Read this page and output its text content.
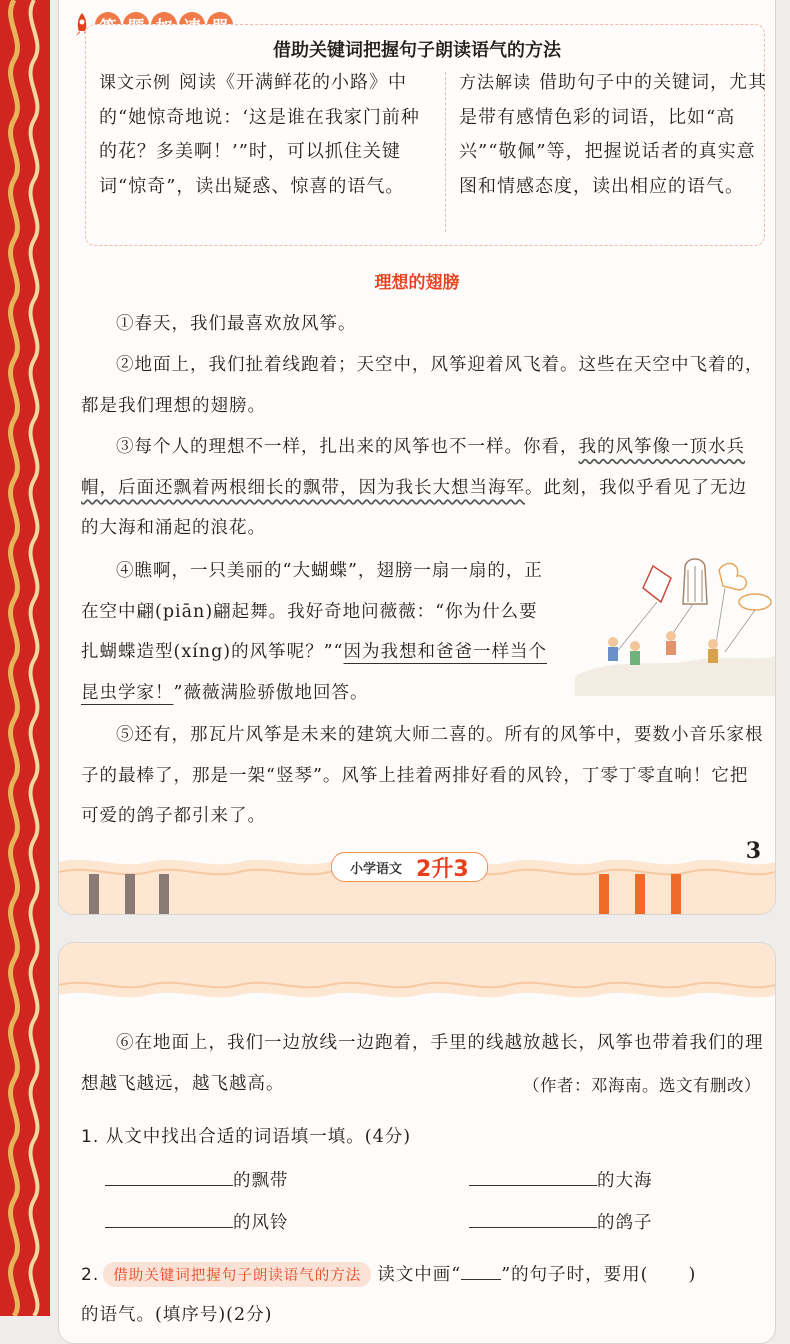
借助关键词把握句子朗读语气的方法
课文示例 阅读《开满鲜花的小路》中的“她惊奇地说：‘这是谁在我家门前种的花？多美啊！’”时，可以抓住关键词“惊奇”，读出疑惑、惊喜的语气。
方法解读 借助句子中的关键词，尤其是带有感情色彩的词语，比如“高兴”“敬佩”等，把握说话者的真实意图和情感态度，读出相应的语气。
理想的翅膀
①春天，我们最喜欢放风筝。
②地面上，我们扯着线跑着；天空中，风筝迎着风飞着。这些在天空中飞着的，都是我们理想的翅膀。
③每个人的理想不一样，扎出来的风筝也不一样。你看，我的风筝像一顶水兵帽，后面还飘着两根细长的飘带，因为我长大想当海军。此刻，我似乎看见了无边的大海和涌起的浪花。
④瞧啊，一只美丽的“大蝴蝶”，翅膀一扇一扇的，正在空中翩(piān)翩起舞。我好奇地问薇薇：“你为什么要扎蝴蝶造型(xíng)的风筝呢？”“因为我想和爸爸一样当个昆虫学家！”薇薇满脸骄傲地回答。
⑤还有，那瓦片风筝是未来的建筑大师二喜的。所有的风筝中，要数小音乐家根子的最棒了，那是一架“竖琴”。风筝上挂着两排好看的风铃，丁零丁零直响！它把可爱的鸽子都引来了。
小学语文 2升3
3
⑥在地面上，我们一边放线一边跑着，手里的线越放越长，风筝也带着我们的理想越飞越远，越飞越高。	（作者：邓海南。选文有删改）
1. 从文中找出合适的词语填一填。(4分)
的飘带	的大海
的风铃	的鸽子
2. 借助关键词把握句子朗读语气的方法 读文中画“ ”的句子时，要用( )
的语气。(填序号)(2分)
